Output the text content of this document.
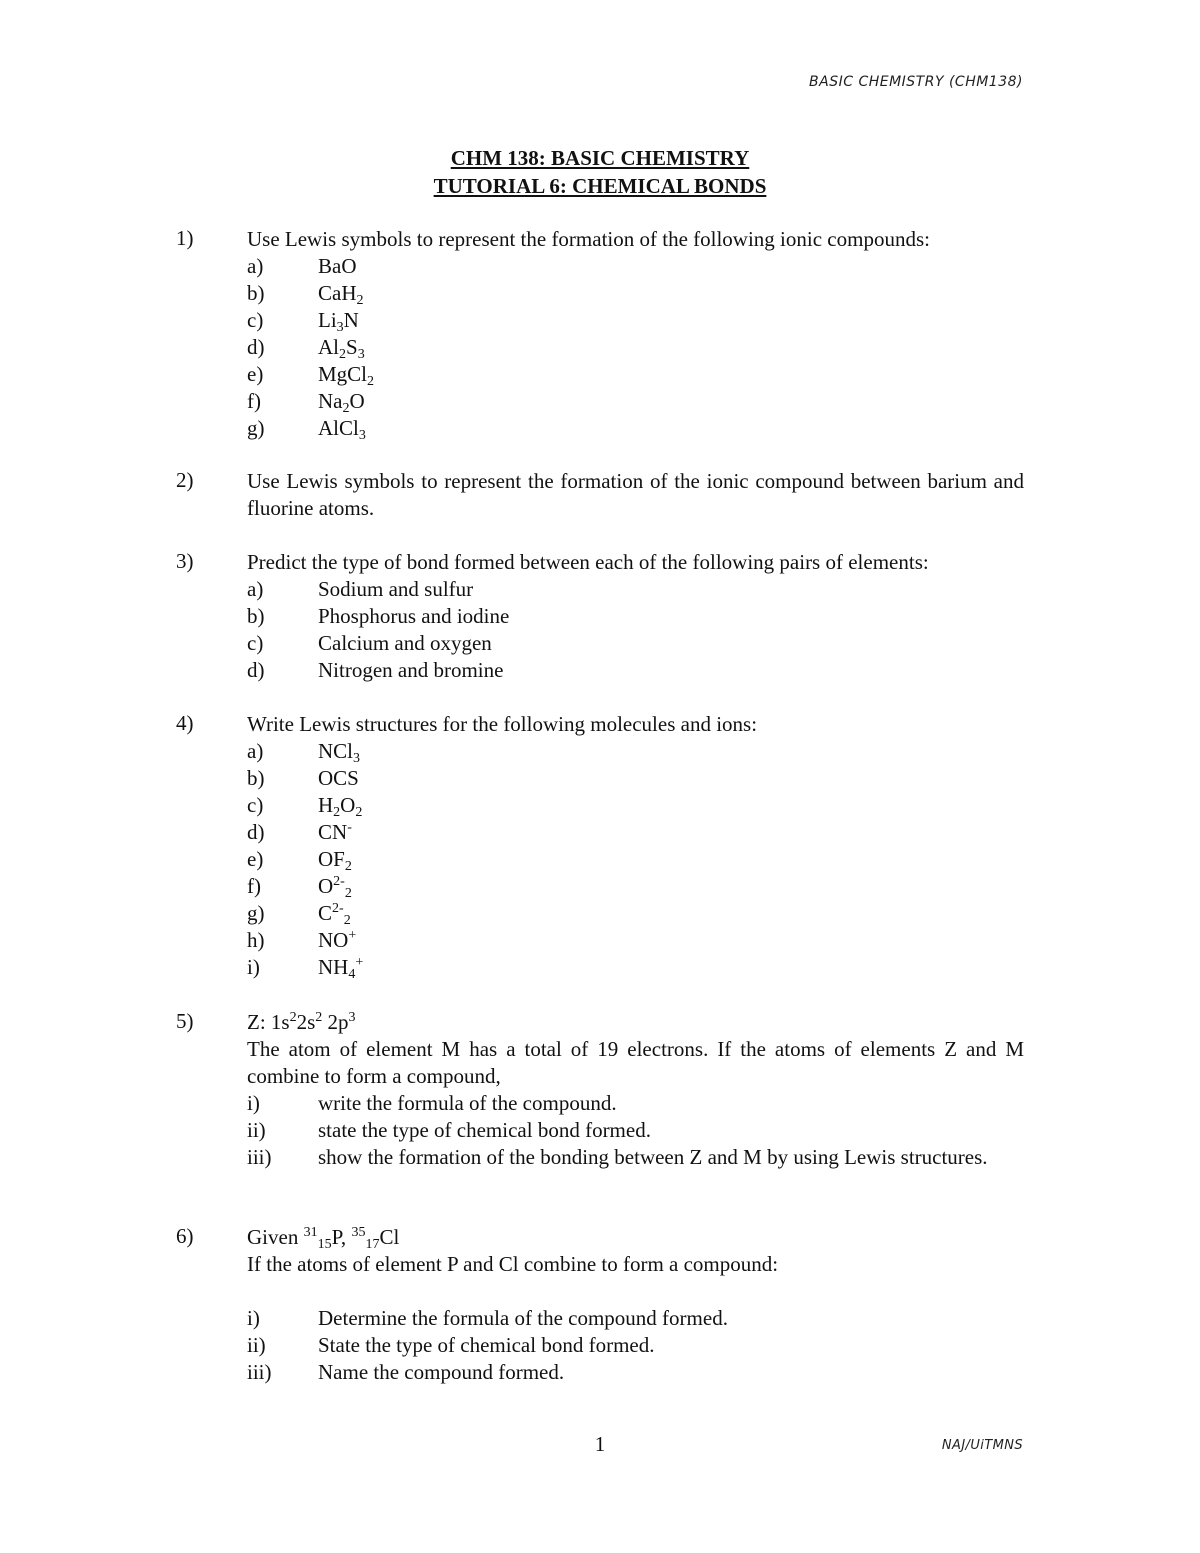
BASIC CHEMISTRY (CHM138)
CHM 138: BASIC CHEMISTRY
TUTORIAL 6: CHEMICAL BONDS
1)	Use Lewis symbols to represent the formation of the following ionic compounds:
a)	BaO
b)	CaH$_2$
c)	$Li_3N$
d)	$Al_2S_3$
e)	MgCl$_2$
f)	$Na_2O$
g)	AlCl$_3$
2)	Use Lewis symbols to represent the formation of the ionic compound between barium and fluorine atoms.
3)	Predict the type of bond formed between each of the following pairs of elements:
a)	Sodium and sulfur
b)	Phosphorus and iodine
c)	Calcium and oxygen
d)	Nitrogen and bromine
4)	Write Lewis structures for the following molecules and ions:
a)	NCl$_3$
b)	OCS
c)	$H_2O_2$
d)	CN-
e)	$OF_2$
f)	$O^{2-}_2$
g)	$C^{2-}_2$
h)	NO+
i)	$NH_4^+$
5)	Z: $1s^22s^2$ $2p^3$
The atom of element M has a total of 19 electrons. If the atoms of elements Z and M combine to form a compound,
i)	write the formula of the compound.
ii) state the type of chemical bond formed.
iii) show the formation of the bonding between Z and M by using Lewis structures.
6)	Given $^{31}_{15}$P, $^{35}_{17}$Cl
If the atoms of element P and Cl combine to form a compound:
i)	Determine the formula of the compound formed.
ii) State the type of chemical bond formed.
iii) Name the compound formed.
1	NAJ/UiTMNS
